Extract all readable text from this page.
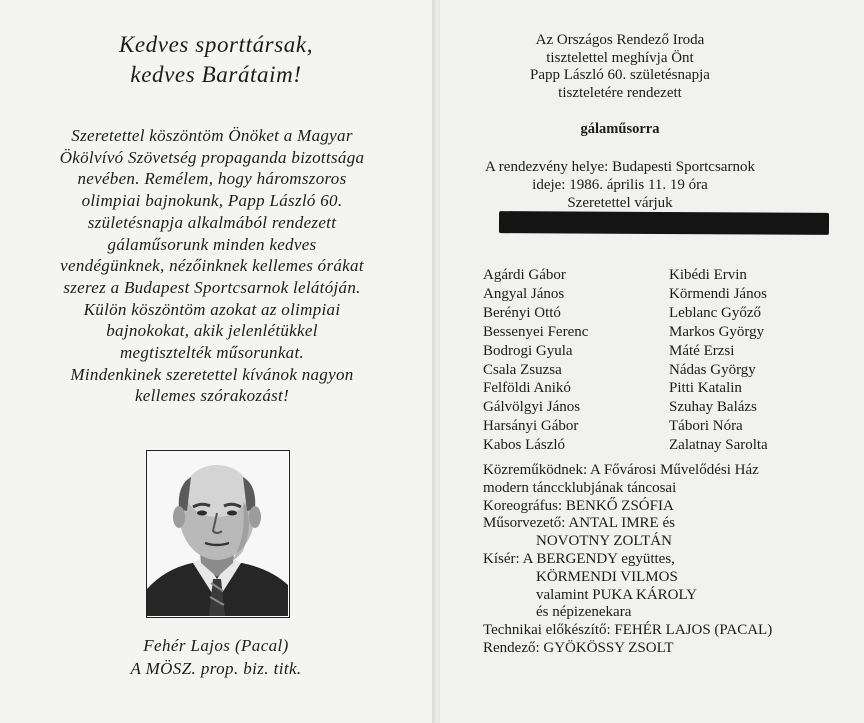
Kedves sporttársak,
kedves Barátaim!
Szeretettel köszöntöm Önöket a Magyar
Ökölvívó Szövetség propaganda bizottsága
nevében. Remélem, hogy háromszoros
olimpiai bajnokunk, Papp László 60.
születésnapja alkalmából rendezett
gálaműsorunk minden kedves
vendégünknek, nézőinknek kellemes órákat
szerez a Budapest Sportcsarnok lelátóján.
Külön köszöntöm azokat az olimpiai
bajnokokat, akik jelenlétükkel
megtisztelték műsorunkat.
Mindenkinek szeretettel kívánok nagyon
kellemes szórakozást!
Fehér Lajos (Pacal)
A MÖSZ. prop. biz. titk.
Az Országos Rendező Iroda
tisztelettel meghívja Önt
Papp László 60. születésnapja
tiszteletére rendezett
gálaműsorra
A rendezvény helye: Budapesti Sportcsarnok
ideje: 1986. április 11. 19 óra
Szeretettel várjuk
Agárdi Gábor
Angyal János
Berényi Ottó
Bessenyei Ferenc
Bodrogi Gyula
Csala Zsuzsa
Felföldi Anikó
Gálvölgyi János
Harsányi Gábor
Kabos László
Kibédi Ervin
Körmendi János
Leblanc Győző
Markos György
Máté Erzsi
Nádas György
Pitti Katalin
Szuhay Balázs
Tábori Nóra
Zalatnay Sarolta
Közreműködnek: A Fővárosi Művelődési Ház
modern tánccklubjának táncosai
Koreográfus: BENKŐ ZSÓFIA
Műsorvezető: ANTAL IMRE és
NOVOTNY ZOLTÁN
Kísér: A BERGENDY együttes,
KÖRMENDI VILMOS
valamint PUKA KÁROLY
és népizenekara
Technikai előkészítő: FEHÉR LAJOS (PACAL)
Rendező: GYÖKÖSSY ZSOLT
